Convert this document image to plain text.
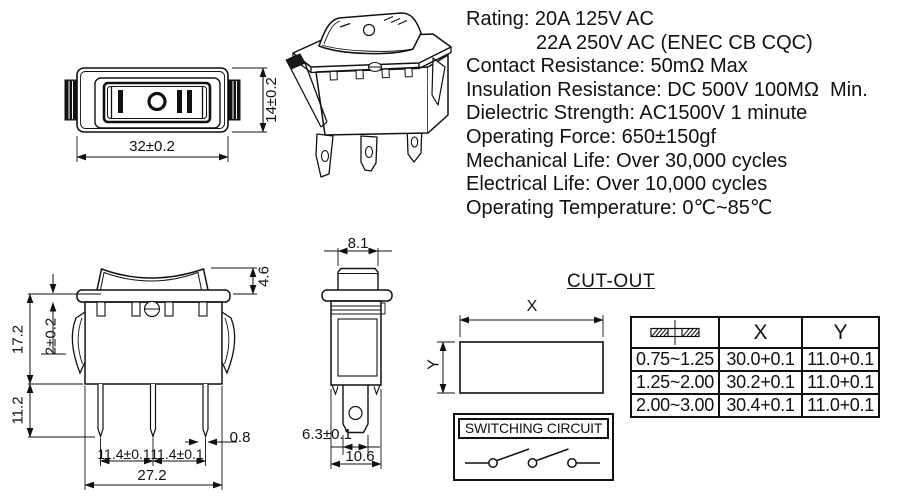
32±0.2
14±0.2
Rating: 20A 125V AC
22A 250V AC (ENEC CB CQC)
Contact Resistance: 50mΩ Max
Insulation Resistance: DC 500V 100MΩ  Min.
Dielectric Strength: AC1500V 1 minute
Operating Force: 650±150gf
Mechanical Life: Over 30,000 cycles
Electrical Life: Over 10,000 cycles
Operating Temperature: 0℃~85℃
4.6
2±0.2
17.2
11.2
0.8
11.4±0.1 11.4±0.1
27.2
8.1
6.3±0.1
10.6
CUT-OUT
X
Y
	X	Y
0.75~1.25	30.0+0.1	11.0+0.1
1.25~2.00	30.2+0.1	11.0+0.1
2.00~3.00	30.4+0.1	11.0+0.1
SWITCHING CIRCUIT
